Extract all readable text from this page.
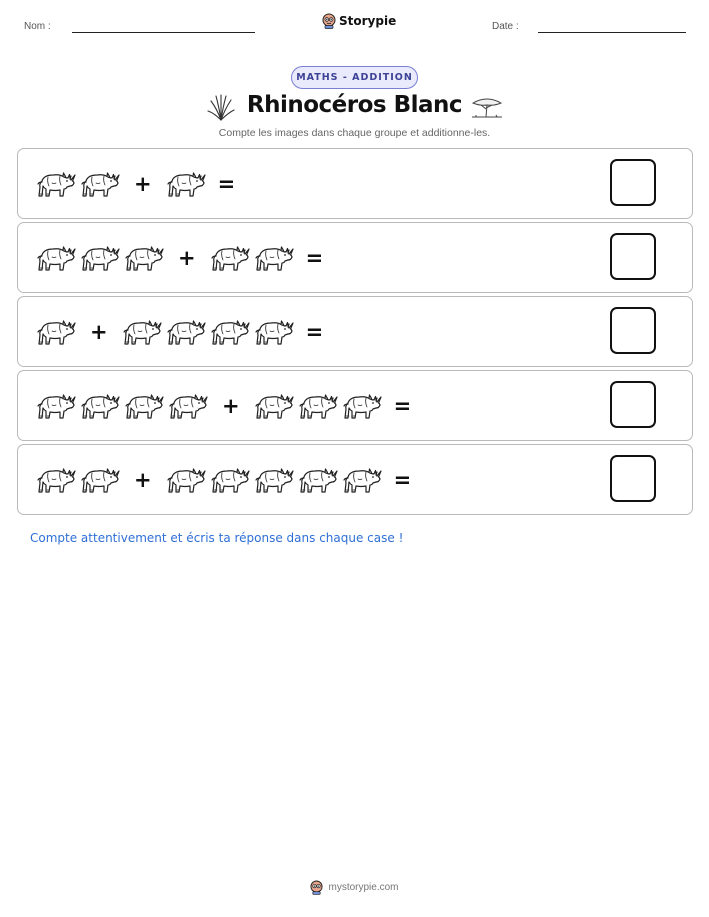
Nom :	Storypie	Date :
MATHS - ADDITION
Rhinocéros Blanc
Compte les images dans chaque groupe et additionne-les.
+	=
+	=
+	=
+	=
+	=
Compte attentivement et écris ta réponse dans chaque case !
mystorypie.com
